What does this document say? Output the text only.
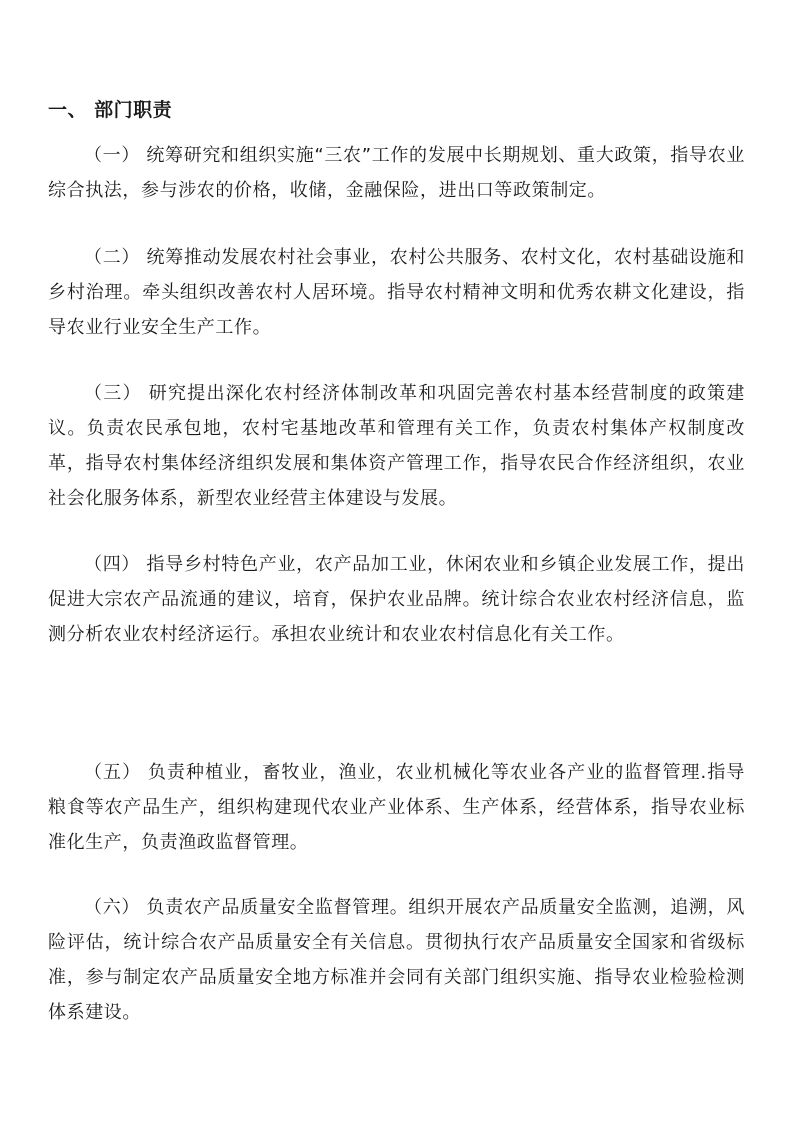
一、 部门职责

（一） 统筹研究和组织实施“三农”工作的发展中长期规划、重大政策，指导农业综合执法，参与涉农的价格，收储，金融保险，进出口等政策制定。

（二） 统筹推动发展农村社会事业，农村公共服务、农村文化，农村基础设施和乡村治理。牵头组织改善农村人居环境。指导农村精神文明和优秀农耕文化建设，指导农业行业安全生产工作。

（三） 研究提出深化农村经济体制改革和巩固完善农村基本经营制度的政策建议。负责农民承包地，农村宅基地改革和管理有关工作，负责农村集体产权制度改革，指导农村集体经济组织发展和集体资产管理工作，指导农民合作经济组织，农业社会化服务体系，新型农业经营主体建设与发展。

（四） 指导乡村特色产业，农产品加工业，休闲农业和乡镇企业发展工作，提出促进大宗农产品流通的建议，培育，保护农业品牌。统计综合农业农村经济信息，监测分析农业农村经济运行。承担农业统计和农业农村信息化有关工作。

（五） 负责种植业，畜牧业，渔业，农业机械化等农业各产业的监督管理.指导粮食等农产品生产，组织构建现代农业产业体系、生产体系，经营体系，指导农业标准化生产，负责渔政监督管理。

（六） 负责农产品质量安全监督管理。组织开展农产品质量安全监测，追溯，风险评估，统计综合农产品质量安全有关信息。贯彻执行农产品质量安全国家和省级标准，参与制定农产品质量安全地方标准并会同有关部门组织实施、指导农业检验检测体系建设。
